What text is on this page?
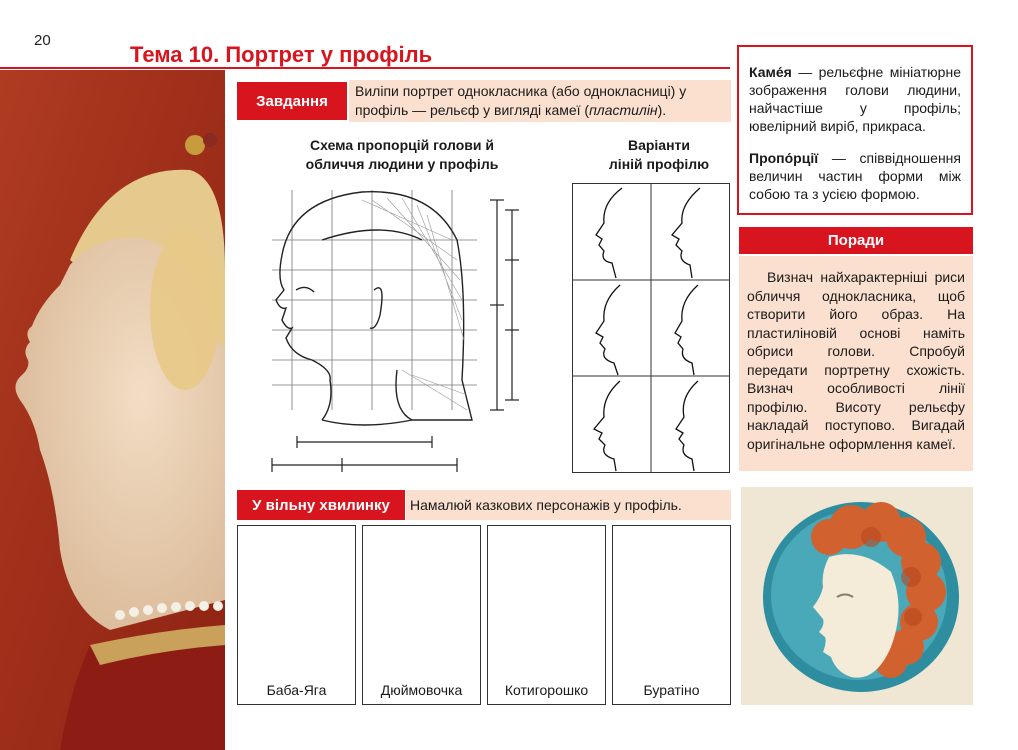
20
Тема 10. Портрет у профіль
Завдання
Виліпи портрет однокласника (або однокласниці) у профіль — рельєф у вигляді камеї (пластилін).
Схема пропорцій голови й
обличчя людини у профіль
Варіанти
ліній профілю
У вільну хвилинку	Намалюй казкових персонажів у профіль.
Баба-Яга	Дюймовочка	Котигорошко	Буратіно

Каме́я — рельєфне мініатюрне зображення голови людини, найчастіше у профіль; ювелірний виріб, прикраса.

Пропо́рції — співвідношення величин частин форми між собою та з усією формою.

Поради
Визнач найхарактерніші риси обличчя однокласника, щоб створити його образ. На пластиліновій основі наміть обриси голови. Спробуй передати портретну схожість. Визнач особливості лінії профілю. Висоту рельєфу накладай поступово. Вигадай оригінальне оформлення камеї.
